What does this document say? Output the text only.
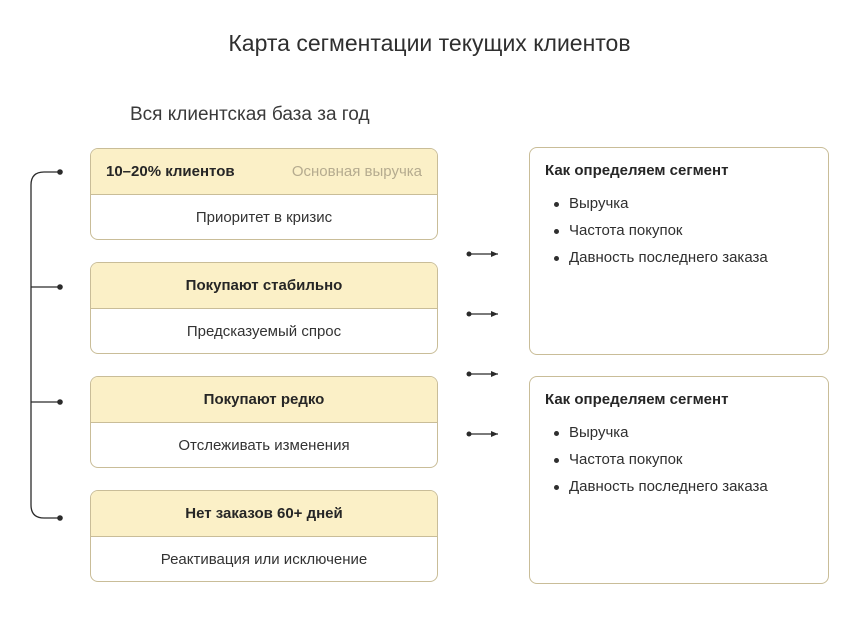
Карта сегментации текущих клиентов
Вся клиентская база за год
10–20% клиентов	Основная выручка
Приоритет в кризис
Покупают стабильно
Предсказуемый спрос
Покупают редко
Отслеживать изменения
Нет заказов 60+ дней
Реактивация или исключение
Как определяем сегмент
Выручка
Частота покупок
Давность последнего заказа
Как определяем сегмент
Выручка
Частота покупок
Давность последнего заказа
